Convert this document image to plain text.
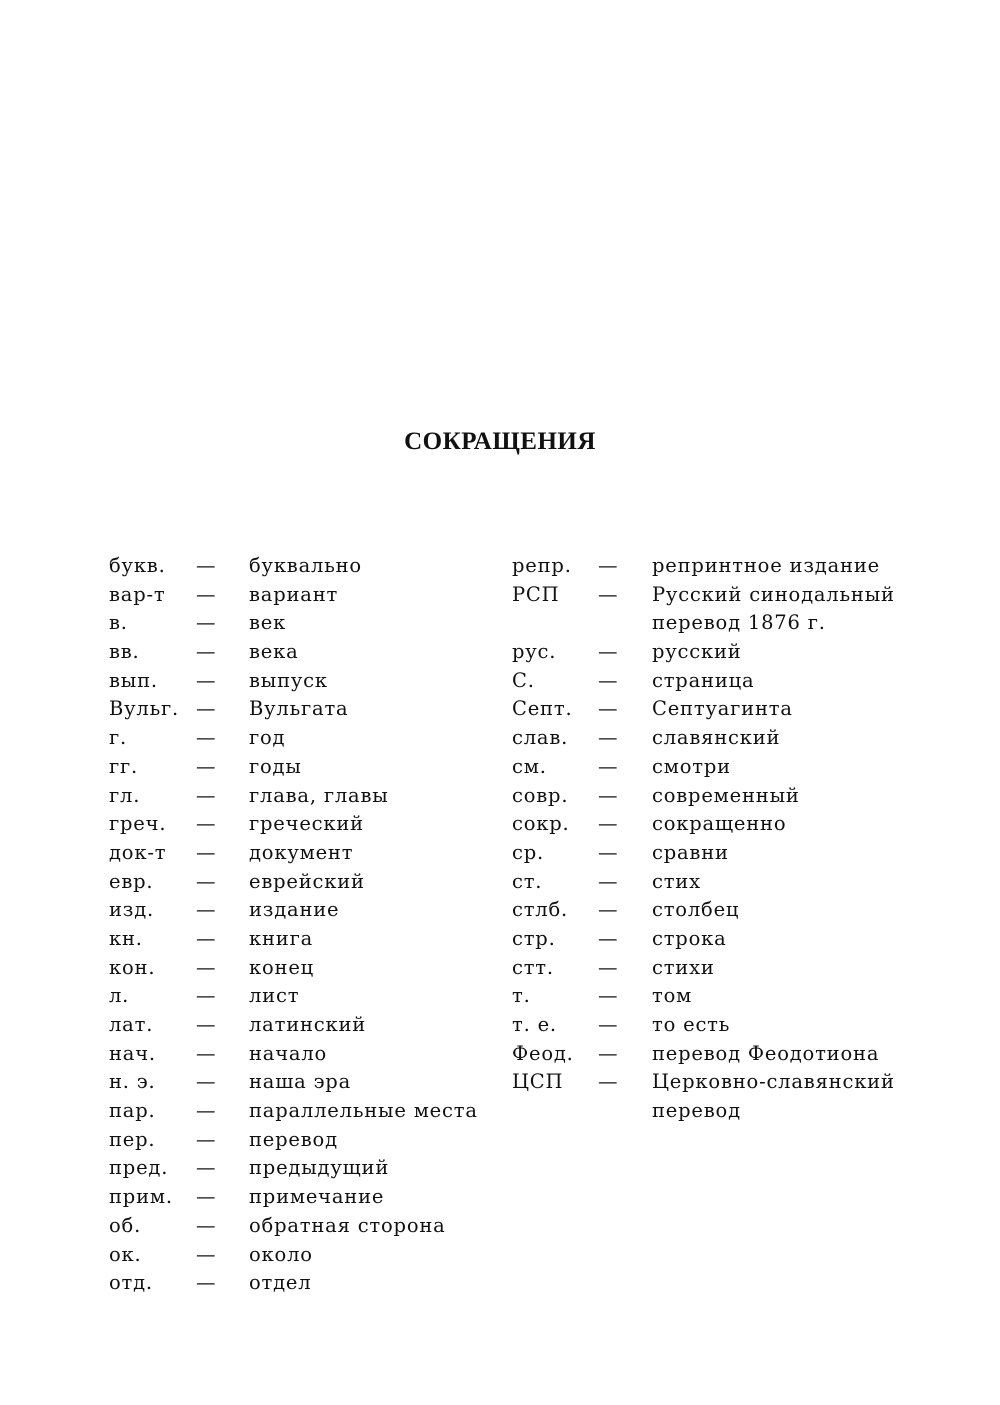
СОКРАЩЕНИЯ
букв. — буквально
вар-т — вариант
в.	— век
вв.	— века
вып. — выпуск
Вульг. — Вульгата
г.	— год
гг.	— годы
гл.	— глава, главы
греч. — греческий
док-т — документ
евр. — еврейский
изд. — издание
кн.	— книга
кон. — конец
л.	— лист
лат. — латинский
нач. — начало
н. э. — наша эра
пар. — параллельные места
пер. — перевод
пред. — предыдущий
прим. — примечание
об.	— обратная сторона
ок.	— около
отд. — отдел
репр. — репринтное издание
РСП — Русский синодальный
перевод 1876 г.
рус. — русский
С.	— страница
Септ. — Септуагинта
слав. — славянский
см.	— смотри
совр. — современный
сокр. — сокращенно
ср.	— сравни
ст.	— стих
стлб. — столбец
стр. — строка
стт. — стихи
т.	— том
т. е. — то есть
Феод. — перевод Феодотиона
ЦСП — Церковно-славянский
перевод
